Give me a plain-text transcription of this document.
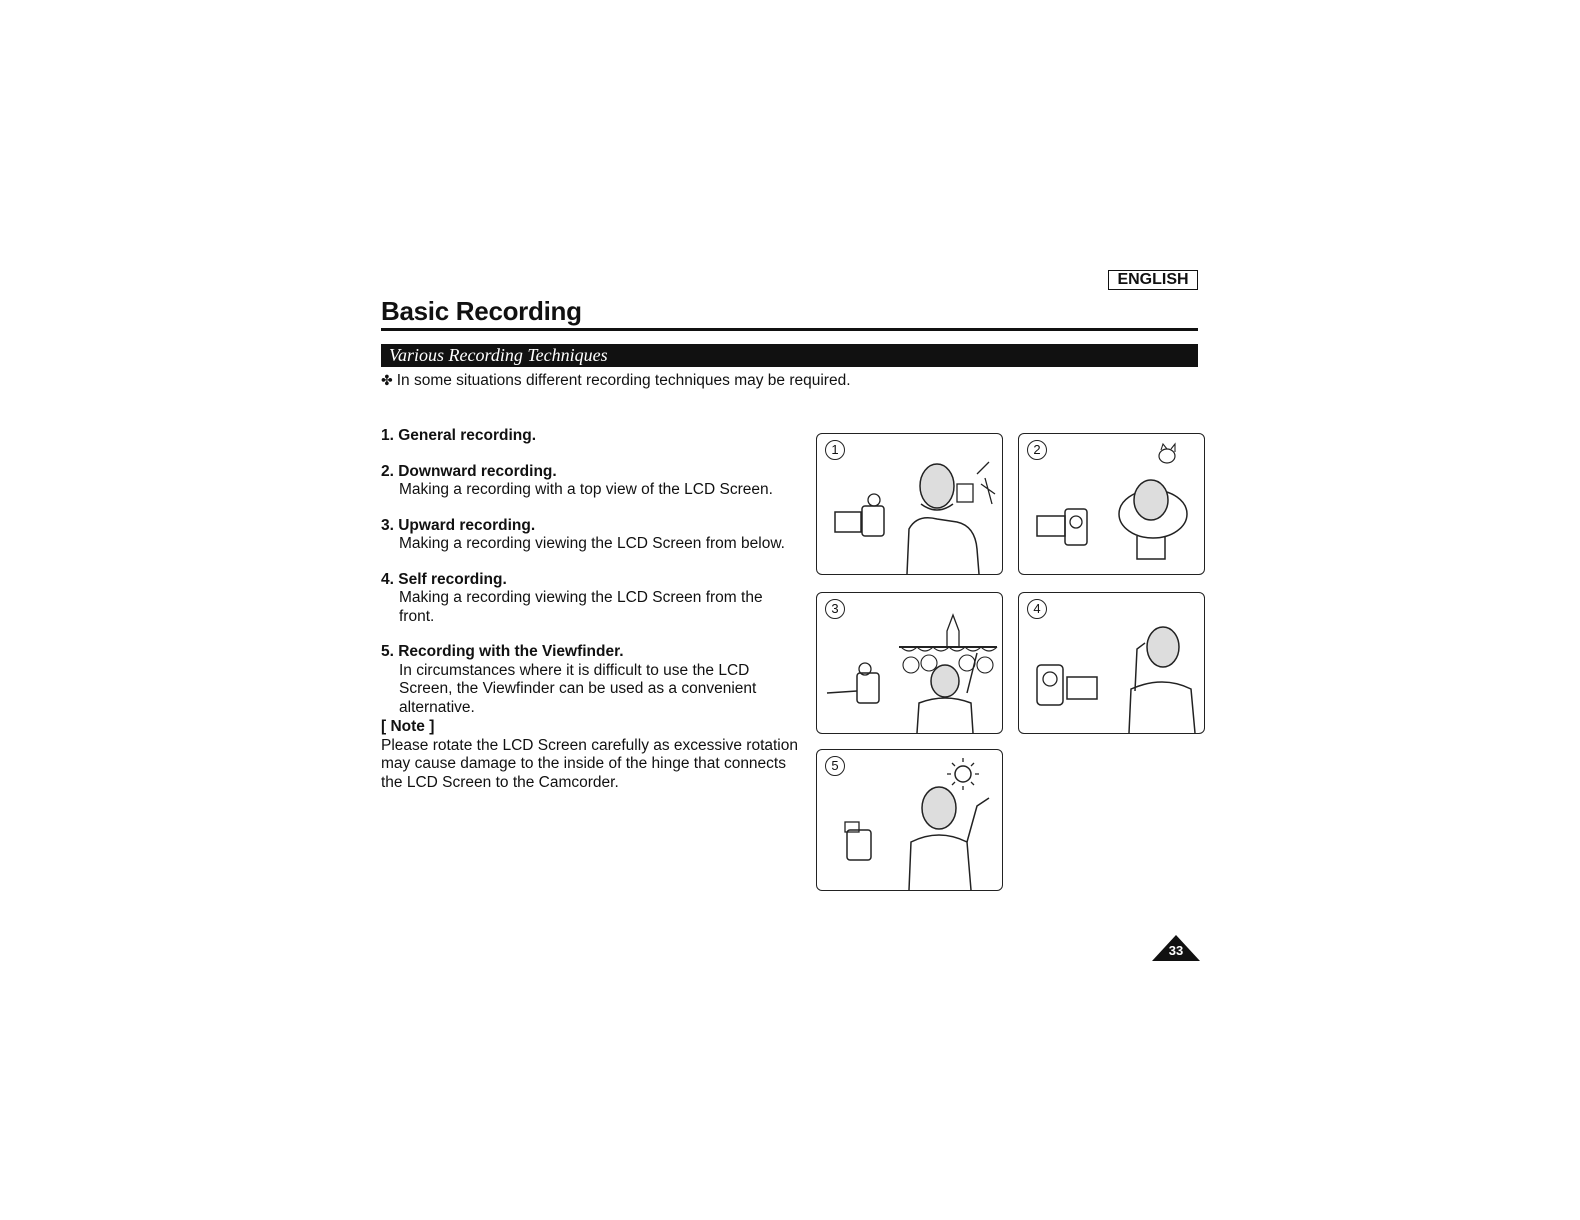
ENGLISH
Basic Recording
Various Recording Techniques
✤ In some situations different recording techniques may be required.
1. General recording.
2. Downward recording.
Making a recording with a top view of the LCD Screen.
3. Upward recording.
Making a recording viewing the LCD Screen from below.
4. Self recording.
Making a recording viewing the LCD Screen from the front.
5. Recording with the Viewfinder.
In circumstances where it is difficult to use the LCD Screen, the Viewfinder can be used as a convenient alternative.
[ Note ]
Please rotate the LCD Screen carefully as excessive rotation may cause damage to the inside of the hinge that connects the LCD Screen to the Camcorder.
1	2
3	4
5
33
